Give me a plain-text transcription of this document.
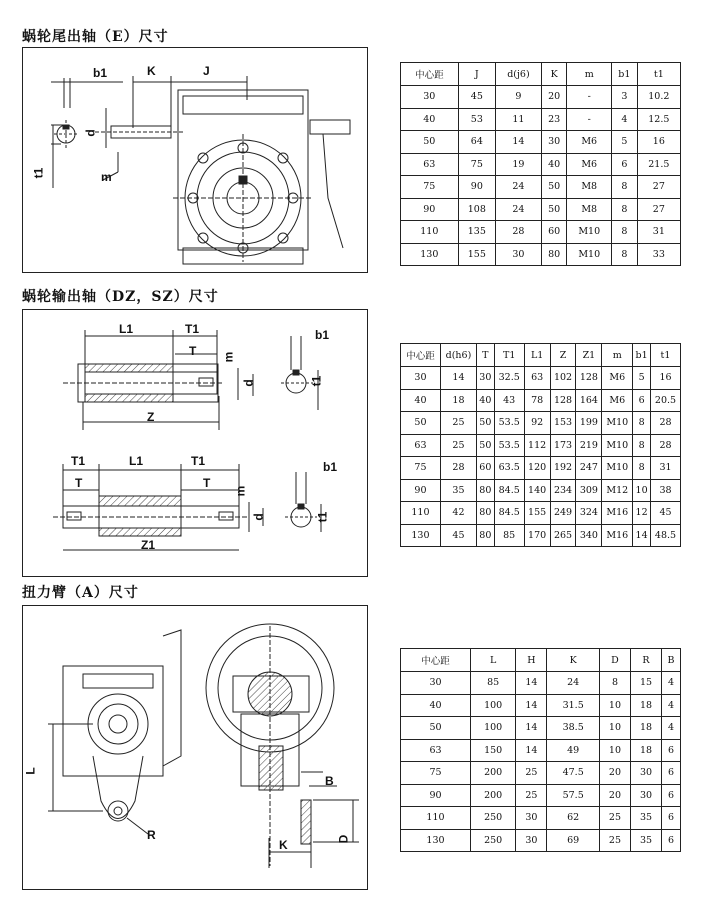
蜗轮尾出轴（E）尺寸
b1	K	J
d
t1	m
中心距	J	d(j6)	K	m	b1	t1
30	45	9	20	-	3	10.2
40	53	11	23	-	4	12.5
50	64	14	30	M6	5	16
63	75	19	40	M6	6	21.5
75	90	24	50	M8	8	27
90	108	24	50	M8	8	27
110	135	28	60	M10	8	31
130	155	30	80	M10	8	33
蜗轮输出轴（DZ，SZ）尺寸
L1	T1
T m
d
Z
b1
t1
T1	L1	T1
T	T
m
d
Z1
b1
t1
中心距	d(h6)	T	T1	L1	Z	Z1	m	b1	t1
30	14	30	32.5	63	102	128	M6	5	16
40	18	40	43	78	128	164	M6	6	20.5
50	25	50	53.5	92	153	199	M10	8	28
63	25	50	53.5	112	173	219	M10	8	28
75	28	60	63.5	120	192	247	M10	8	31
90	35	80	84.5	140	234	309	M12	10	38
110	42	80	84.5	155	249	324	M16	12	45
130	45	80	85	170	265	340	M16	14	48.5
扭力臂（A）尺寸
L
R
B
K	D
中心距	L	H	K	D	R	B
30	85	14	24	8	15	4
40	100	14	31.5	10	18	4
50	100	14	38.5	10	18	4
63	150	14	49	10	18	6
75	200	25	47.5	20	30	6
90	200	25	57.5	20	30	6
110	250	30	62	25	35	6
130	250	30	69	25	35	6
